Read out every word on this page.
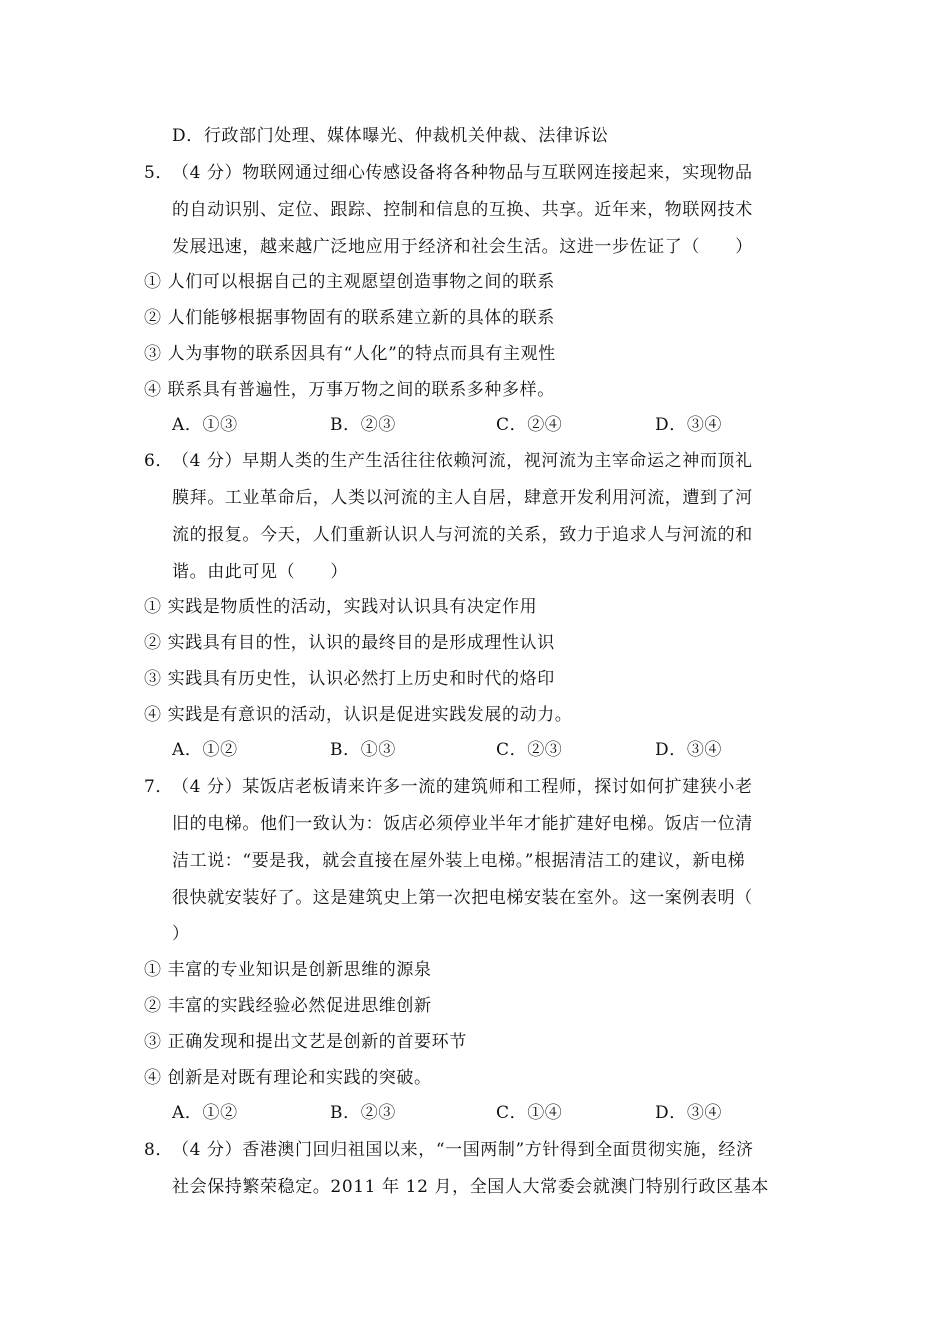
D．行政部门处理、媒体曝光、仲裁机关仲裁、法律诉讼
5．
（4 分）物联网通过细心传感设备将各种物品与互联网连接起来，实现物品
的自动识别、定位、跟踪、控制和信息的互换、共享。近年来，物联网技术
发展迅速，越来越广泛地应用于经济和社会生活。这进一步佐证了（　　）
① 人们可以根据自己的主观愿望创造事物之间的联系
② 人们能够根据事物固有的联系建立新的具体的联系
③ 人为事物的联系因具有“人化”的特点而具有主观性
④ 联系具有普遍性，万事万物之间的联系多种多样。
A．①③	B．②③	C．②④	D．③④
6．
（4 分）早期人类的生产生活往往依赖河流，视河流为主宰命运之神而顶礼
膜拜。工业革命后，人类以河流的主人自居，肆意开发利用河流，遭到了河
流的报复。今天，人们重新认识人与河流的关系，致力于追求人与河流的和
谐。由此可见（　　）
① 实践是物质性的活动，实践对认识具有决定作用
② 实践具有目的性，认识的最终目的是形成理性认识
③ 实践具有历史性，认识必然打上历史和时代的烙印
④ 实践是有意识的活动，认识是促进实践发展的动力。
A．①②	B．①③	C．②③	D．③④
7．
（4 分）某饭店老板请来许多一流的建筑师和工程师，探讨如何扩建狭小老
旧的电梯。他们一致认为：饭店必须停业半年才能扩建好电梯。饭店一位清
洁工说：“要是我，就会直接在屋外装上电梯。”根据清洁工的建议，新电梯
很快就安装好了。这是建筑史上第一次把电梯安装在室外。这一案例表明（
）
① 丰富的专业知识是创新思维的源泉
② 丰富的实践经验必然促进思维创新
③ 正确发现和提出文艺是创新的首要环节
④ 创新是对既有理论和实践的突破。
A．①②	B．②③	C．①④	D．③④
8．
（4 分）香港澳门回归祖国以来，“一国两制”方针得到全面贯彻实施，经济
社会保持繁荣稳定。2011 年 12 月，全国人大常委会就澳门特别行政区基本
